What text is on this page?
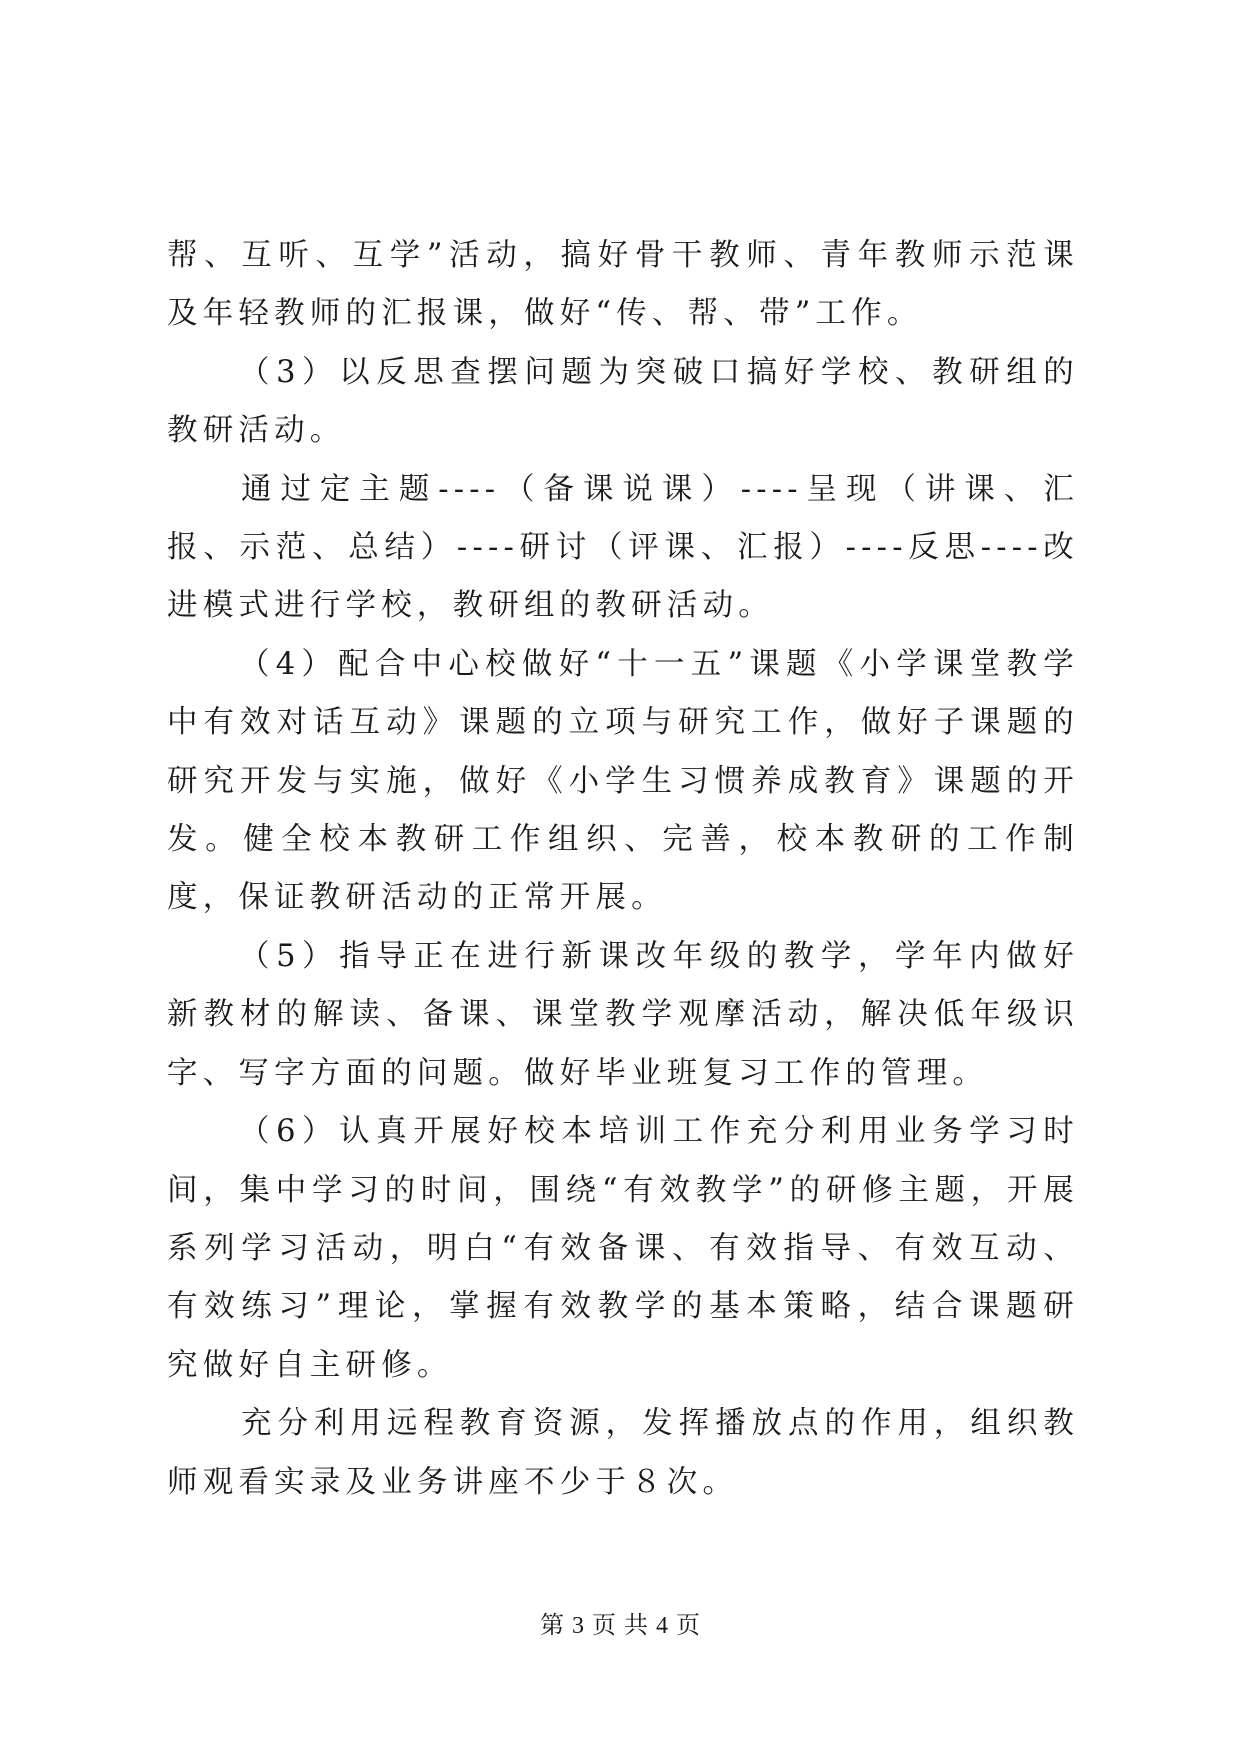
帮、互听、互学”活动，搞好骨干教师、青年教师示范课及年轻教师的汇报课，做好“传、帮、带”工作。

（3）以反思查摆问题为突破口搞好学校、教研组的教研活动。

通过定主题----（备课说课）----呈现（讲课、汇报、示范、总结）----研讨（评课、汇报）----反思----改进模式进行学校，教研组的教研活动。

（4）配合中心校做好“十一五”课题《小学课堂教学中有效对话互动》课题的立项与研究工作，做好子课题的研究开发与实施，做好《小学生习惯养成教育》课题的开发。健全校本教研工作组织、完善，校本教研的工作制度，保证教研活动的正常开展。

（5）指导正在进行新课改年级的教学，学年内做好新教材的解读、备课、课堂教学观摩活动，解决低年级识字、写字方面的问题。做好毕业班复习工作的管理。

（6）认真开展好校本培训工作充分利用业务学习时间，集中学习的时间，围绕“有效教学”的研修主题，开展系列学习活动，明白“有效备课、有效指导、有效互动、有效练习”理论，掌握有效教学的基本策略，结合课题研究做好自主研修。

充分利用远程教育资源，发挥播放点的作用，组织教师观看实录及业务讲座不少于８次。

第 3 页 共 4 页
